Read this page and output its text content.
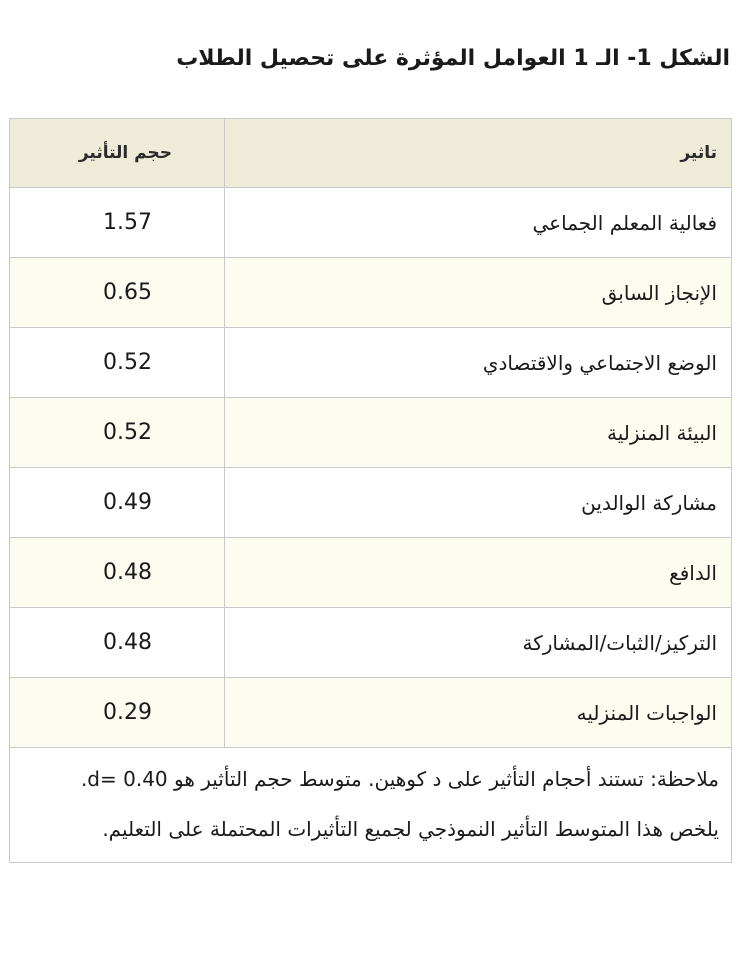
الشكل 1- الـ 1 العوامل المؤثرة على تحصيل الطلاب
تاثير
حجم التأثير
فعالية المعلم الجماعي
1.57
الإنجاز السابق
0.65
الوضع الاجتماعي والاقتصادي
0.52
البيئة المنزلية
0.52
مشاركة الوالدين
0.49
الدافع
0.48
التركيز/الثبات/المشاركة
0.48
الواجبات المنزليه
0.29

ملاحظة: تستند أحجام التأثير على د كوهين. متوسط حجم التأثير هو d= 0.40.

يلخص هذا المتوسط التأثير النموذجي لجميع التأثيرات المحتملة على التعليم.
